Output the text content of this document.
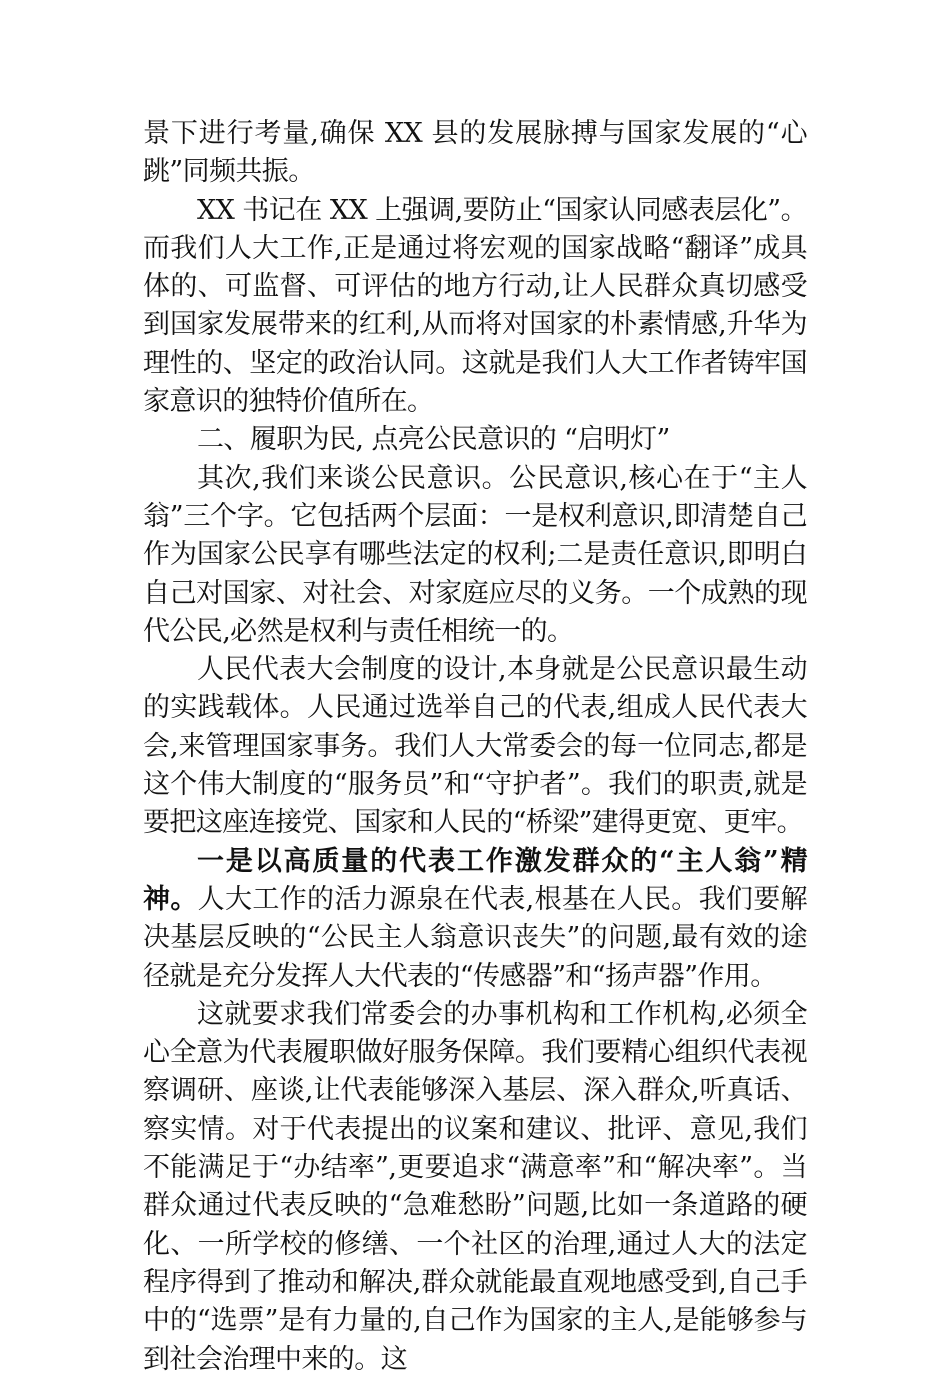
景下进行考量,确保 XX 县的发展脉搏与国家发展的“心跳”同频共振。

XX 书记在 XX 上强调,要防止“国家认同感表层化”。而我们人大工作,正是通过将宏观的国家战略“翻译”成具体的、可监督、可评估的地方行动,让人民群众真切感受到国家发展带来的红利,从而将对国家的朴素情感,升华为理性的、坚定的政治认同。这就是我们人大工作者铸牢国家意识的独特价值所在。

二、履职为民, 点亮公民意识的 “启明灯”

其次,我们来谈公民意识。公民意识,核心在于“主人翁”三个字。它包括两个层面：一是权利意识,即清楚自己作为国家公民享有哪些法定的权利;二是责任意识,即明白自己对国家、对社会、对家庭应尽的义务。一个成熟的现代公民,必然是权利与责任相统一的。

人民代表大会制度的设计,本身就是公民意识最生动的实践载体。人民通过选举自己的代表,组成人民代表大会,来管理国家事务。我们人大常委会的每一位同志,都是这个伟大制度的“服务员”和“守护者”。我们的职责,就是要把这座连接党、国家和人民的“桥梁”建得更宽、更牢。

一是以高质量的代表工作激发群众的“主人翁”精神。人大工作的活力源泉在代表,根基在人民。我们要解决基层反映的“公民主人翁意识丧失”的问题,最有效的途径就是充分发挥人大代表的“传感器”和“扬声器”作用。

这就要求我们常委会的办事机构和工作机构,必须全心全意为代表履职做好服务保障。我们要精心组织代表视察调研、座谈,让代表能够深入基层、深入群众,听真话、察实情。对于代表提出的议案和建议、批评、意见,我们不能满足于“办结率”,更要追求“满意率”和“解决率”。当群众通过代表反映的“急难愁盼”问题,比如一条道路的硬化、一所学校的修缮、一个社区的治理,通过人大的法定程序得到了推动和解决,群众就能最直观地感受到,自己手中的“选票”是有力量的,自己作为国家的主人,是能够参与到社会治理中来的。这
